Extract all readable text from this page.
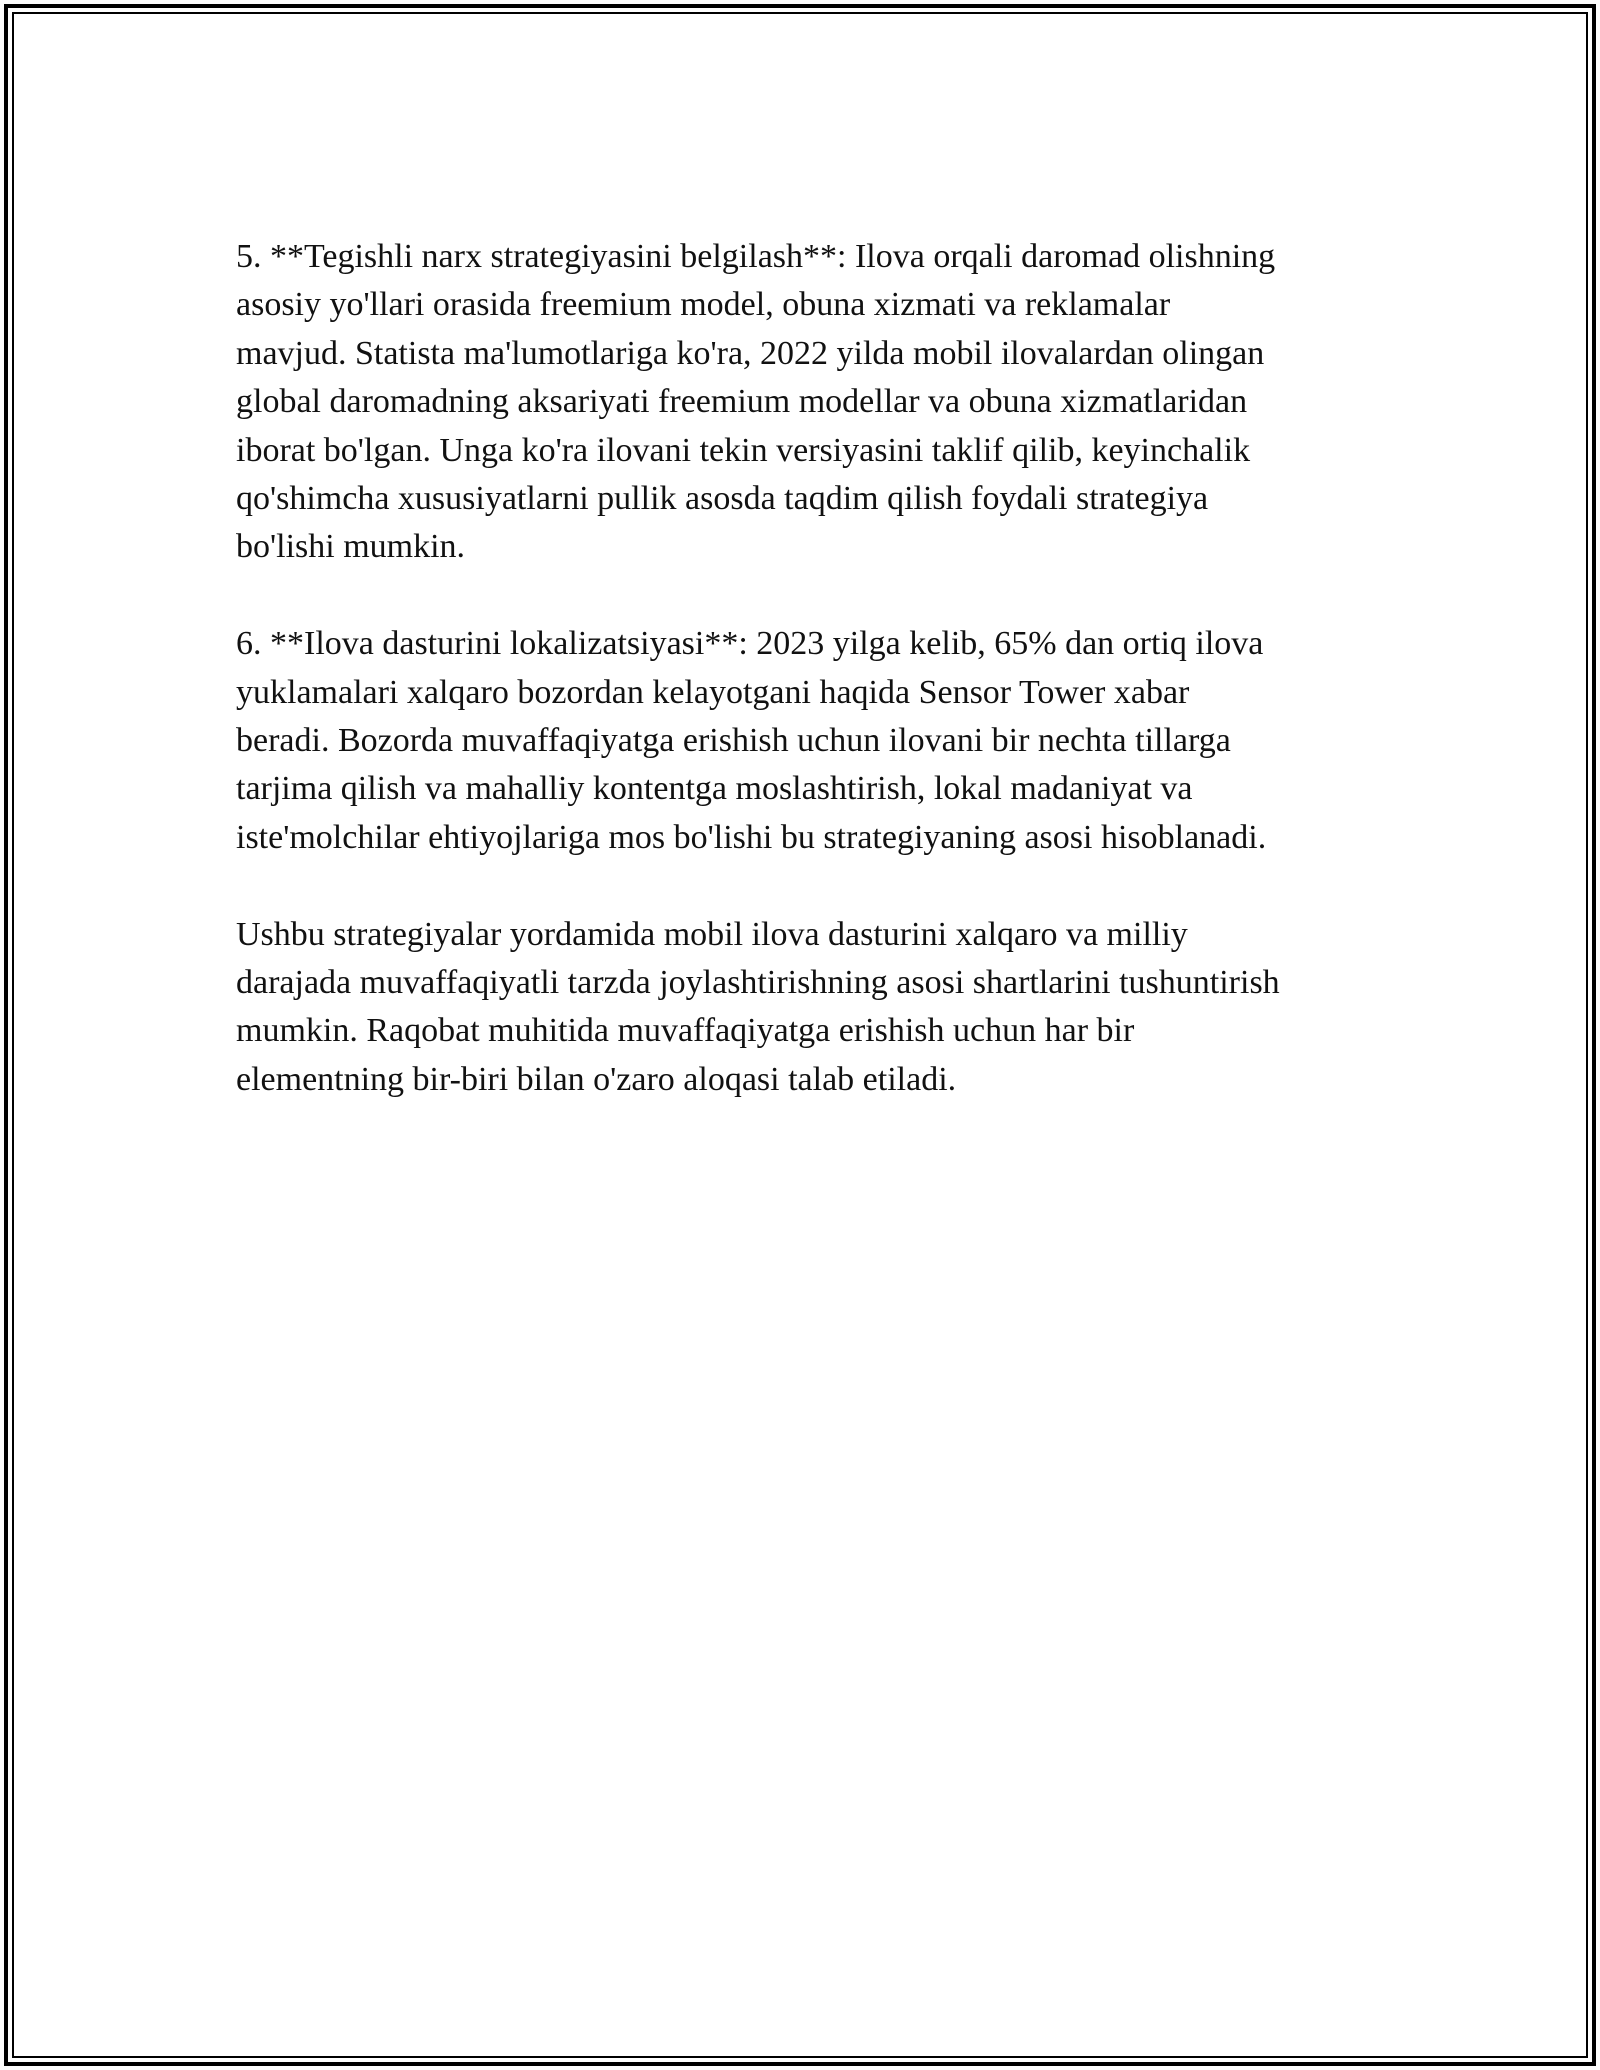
5. **Tegishli narx strategiyasini belgilash**: Ilova orqali daromad olishning
asosiy yo'llari orasida freemium model, obuna xizmati va reklamalar
mavjud. Statista ma'lumotlariga ko'ra, 2022 yilda mobil ilovalardan olingan
global daromadning aksariyati freemium modellar va obuna xizmatlaridan
iborat bo'lgan. Unga ko'ra ilovani tekin versiyasini taklif qilib, keyinchalik
qo'shimcha xususiyatlarni pullik asosda taqdim qilish foydali strategiya
bo'lishi mumkin.

6. **Ilova dasturini lokalizatsiyasi**: 2023 yilga kelib, 65% dan ortiq ilova
yuklamalari xalqaro bozordan kelayotgani haqida Sensor Tower xabar
beradi. Bozorda muvaffaqiyatga erishish uchun ilovani bir nechta tillarga
tarjima qilish va mahalliy kontentga moslashtirish, lokal madaniyat va
iste'molchilar ehtiyojlariga mos bo'lishi bu strategiyaning asosi hisoblanadi.

Ushbu strategiyalar yordamida mobil ilova dasturini xalqaro va milliy
darajada muvaffaqiyatli tarzda joylashtirishning asosi shartlarini tushuntirish
mumkin. Raqobat muhitida muvaffaqiyatga erishish uchun har bir
elementning bir-biri bilan o'zaro aloqasi talab etiladi.
